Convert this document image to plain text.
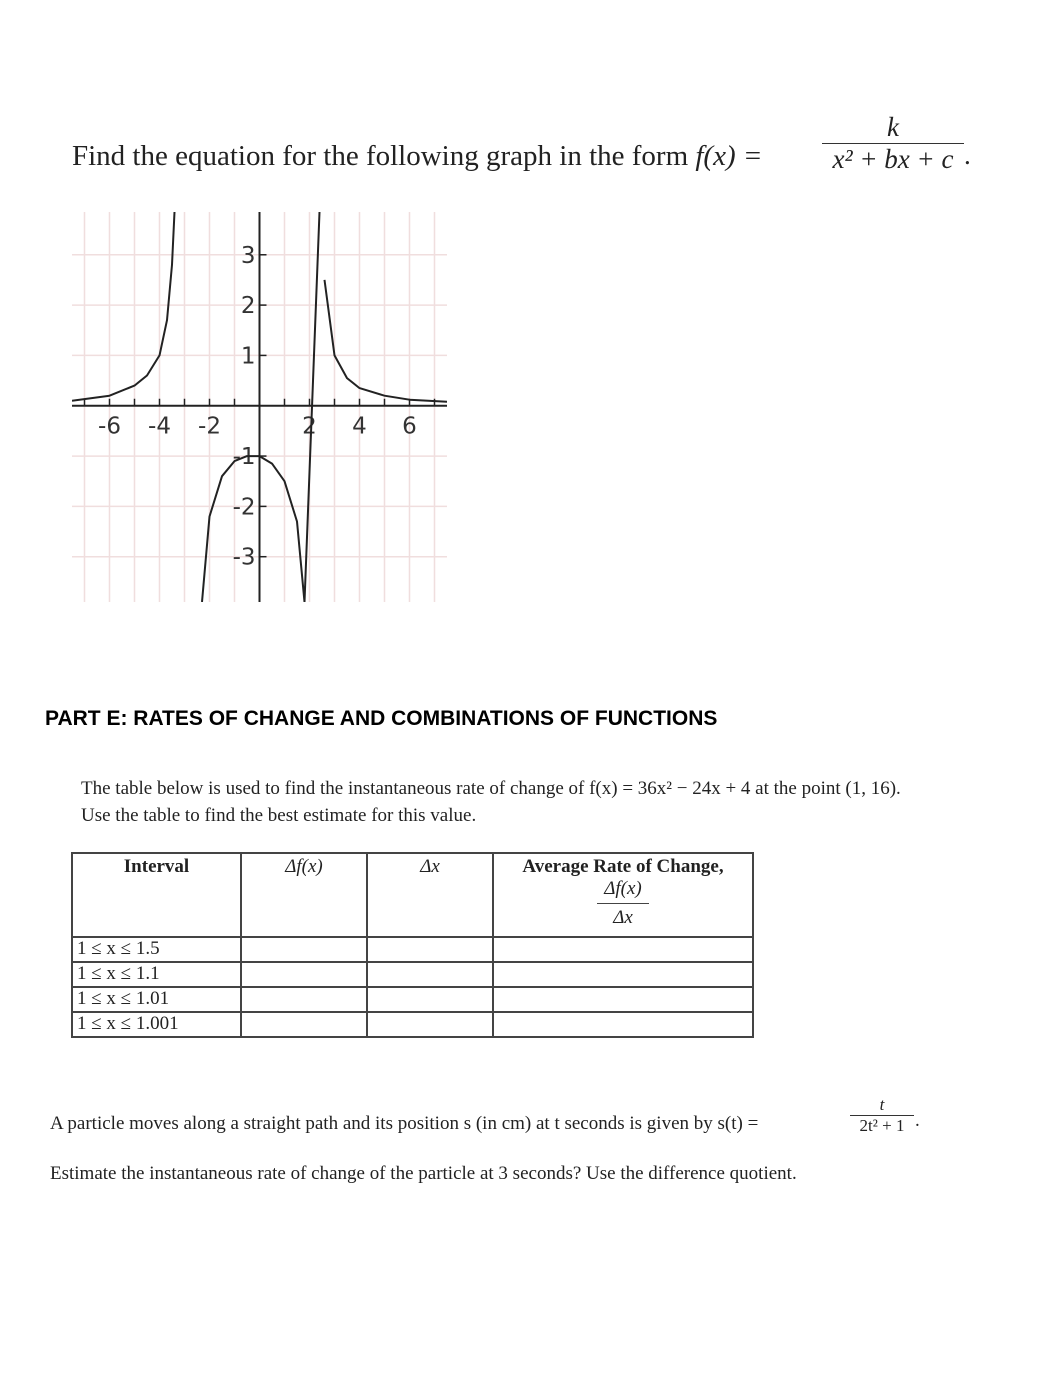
Find the equation for the following graph in the form f(x) =
k
x² + bx + c .
-6 -4 -2	2 4 6
3
2
1
-1
-2
-3
PART E: RATES OF CHANGE AND COMBINATIONS OF FUNCTIONS
The table below is used to find the instantaneous rate of change of f(x) = 36x² − 24x + 4 at the point (1, 16).
Use the table to find the best estimate for this value.
Interval	Δf(x)	Δx	Average Rate of Change,
$\frac{\Delta f(x)}{\Delta x}$

1 ≤ x ≤ 1.5			
1 ≤ x ≤ 1.1			
1 ≤ x ≤ 1.01			
1 ≤ x ≤ 1.001			
A particle moves along a straight path and its position s (in cm) at t seconds is given by s(t) =
t
2t² + 1 .
Estimate the instantaneous rate of change of the particle at 3 seconds? Use the difference quotient.
